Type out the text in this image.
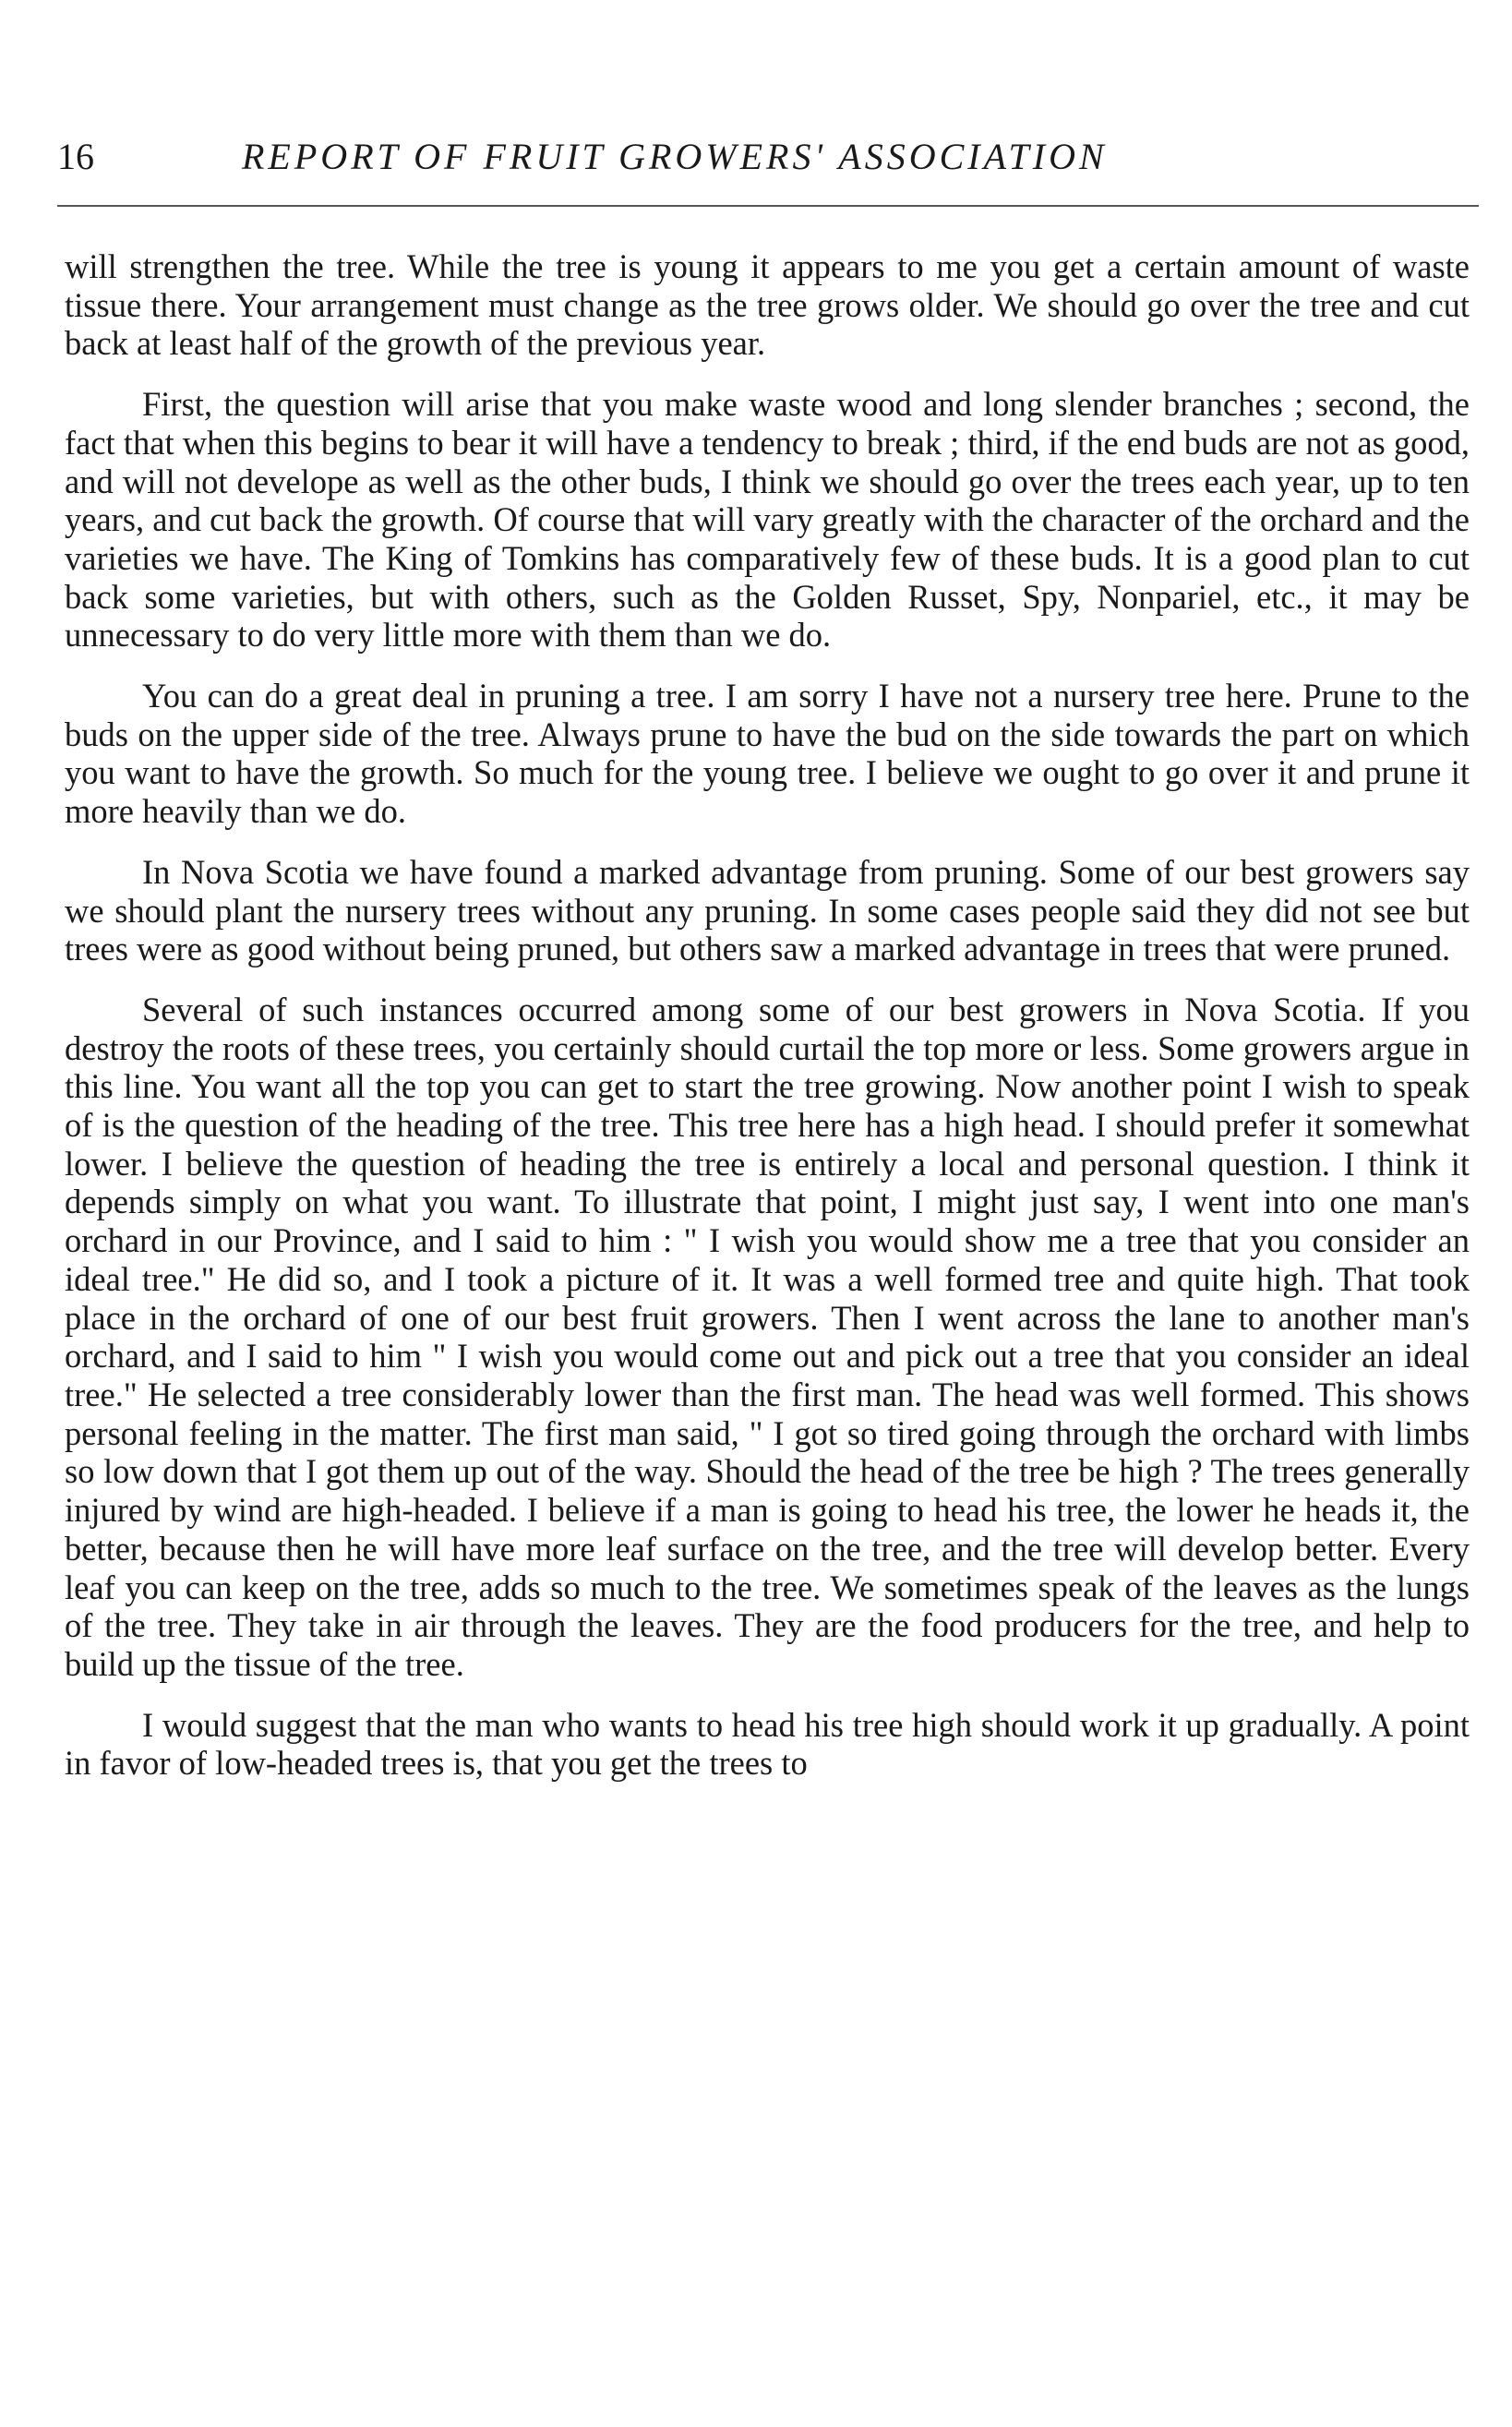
16	REPORT OF FRUIT GROWERS' ASSOCIATION

will strengthen the tree. While the tree is young it appears to me you get a certain amount of waste tissue there. Your arrangement must change as the tree grows older. We should go over the tree and cut back at least half of the growth of the previous year.

First, the question will arise that you make waste wood and long slender branches ; second, the fact that when this begins to bear it will have a tendency to break ; third, if the end buds are not as good, and will not develope as well as the other buds, I think we should go over the trees each year, up to ten years, and cut back the growth. Of course that will vary greatly with the character of the orchard and the varieties we have. The King of Tomkins has comparatively few of these buds. It is a good plan to cut back some varieties, but with others, such as the Golden Russet, Spy, Nonpariel, etc., it may be unnecessary to do very little more with them than we do.

You can do a great deal in pruning a tree. I am sorry I have not a nursery tree here. Prune to the buds on the upper side of the tree. Always prune to have the bud on the side towards the part on which you want to have the growth. So much for the young tree. I believe we ought to go over it and prune it more heavily than we do.

In Nova Scotia we have found a marked advantage from pruning. Some of our best growers say we should plant the nursery trees without any pruning. In some cases people said they did not see but trees were as good without being pruned, but others saw a marked advantage in trees that were pruned.

Several of such instances occurred among some of our best growers in Nova Scotia. If you destroy the roots of these trees, you certainly should curtail the top more or less. Some growers argue in this line. You want all the top you can get to start the tree growing. Now another point I wish to speak of is the question of the heading of the tree. This tree here has a high head. I should prefer it somewhat lower. I believe the question of heading the tree is entirely a local and personal question. I think it depends simply on what you want. To illustrate that point, I might just say, I went into one man's orchard in our Province, and I said to him : " I wish you would show me a tree that you consider an ideal tree." He did so, and I took a picture of it. It was a well formed tree and quite high. That took place in the orchard of one of our best fruit growers. Then I went across the lane to another man's orchard, and I said to him " I wish you would come out and pick out a tree that you consider an ideal tree." He selected a tree considerably lower than the first man. The head was well formed. This shows personal feeling in the matter. The first man said, " I got so tired going through the orchard with limbs so low down that I got them up out of the way. Should the head of the tree be high ? The trees generally injured by wind are high-headed. I believe if a man is going to head his tree, the lower he heads it, the better, because then he will have more leaf surface on the tree, and the tree will develop better. Every leaf you can keep on the tree, adds so much to the tree. We sometimes speak of the leaves as the lungs of the tree. They take in air through the leaves. They are the food producers for the tree, and help to build up the tissue of the tree.

I would suggest that the man who wants to head his tree high should work it up gradually. A point in favor of low-headed trees is, that you get the trees to
